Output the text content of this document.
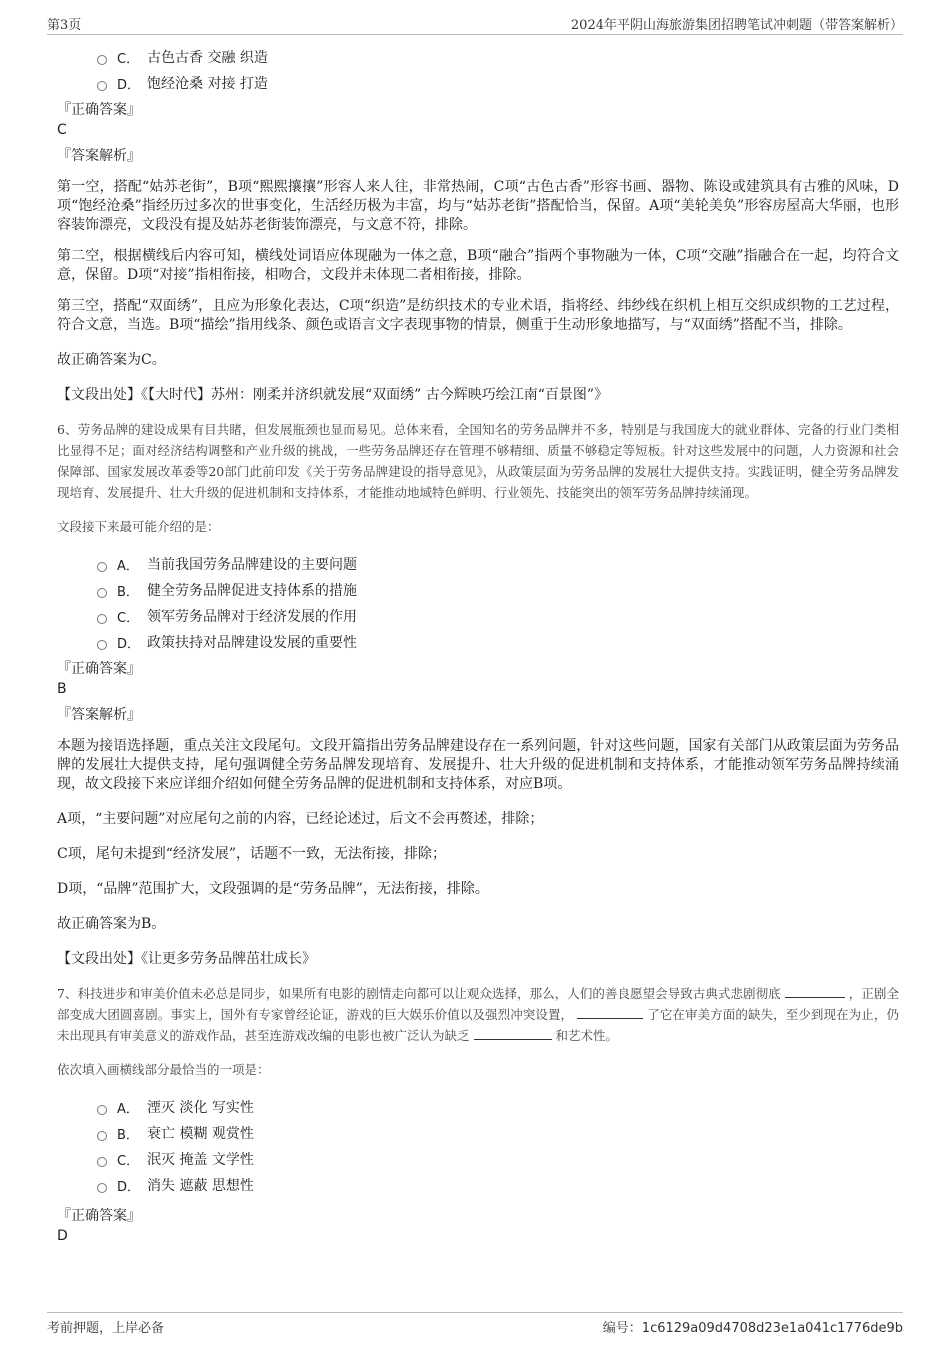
第3页	2024年平阴山海旅游集团招聘笔试冲刺题（带答案解析）
C． 古色古香 交融 织造
D． 饱经沧桑 对接 打造
『正确答案』
C
『答案解析』
第一空，搭配“姑苏老街”，B项“熙熙攘攘”形容人来人往，非常热闹，C项“古色古香”形容书画、器物、陈设或建筑具有古雅的风味，D项“饱经沧桑”指经历过多次的世事变化，生活经历极为丰富，均与“姑苏老街”搭配恰当，保留。A项“美轮美奂”形容房屋高大华丽，也形容装饰漂亮，文段没有提及姑苏老街装饰漂亮，与文意不符，排除。
第二空，根据横线后内容可知，横线处词语应体现融为一体之意，B项“融合”指两个事物融为一体，C项“交融”指融合在一起，均符合文意，保留。D项“对接”指相衔接，相吻合，文段并未体现二者相衔接，排除。
第三空，搭配“双面绣”，且应为形象化表达，C项“织造”是纺织技术的专业术语，指将经、纬纱线在织机上相互交织成织物的工艺过程，符合文意，当选。B项“描绘”指用线条、颜色或语言文字表现事物的情景，侧重于生动形象地描写，与“双面绣”搭配不当，排除。
故正确答案为C。
【文段出处】《【大时代】苏州：刚柔并济织就发展“双面绣” 古今辉映巧绘江南“百景图”》
6、劳务品牌的建设成果有目共睹，但发展瓶颈也显而易见。总体来看，全国知名的劳务品牌并不多，特别是与我国庞大的就业群体、完备的行业门类相比显得不足；面对经济结构调整和产业升级的挑战，一些劳务品牌还存在管理不够精细、质量不够稳定等短板。针对这些发展中的问题，人力资源和社会保障部、国家发展改革委等20部门此前印发《关于劳务品牌建设的指导意见》，从政策层面为劳务品牌的发展壮大提供支持。实践证明，健全劳务品牌发现培育、发展提升、壮大升级的促进机制和支持体系，才能推动地域特色鲜明、行业领先、技能突出的领军劳务品牌持续涌现。
文段接下来最可能介绍的是：
A． 当前我国劳务品牌建设的主要问题
B． 健全劳务品牌促进支持体系的措施
C． 领军劳务品牌对于经济发展的作用
D． 政策扶持对品牌建设发展的重要性
『正确答案』
B
『答案解析』
本题为接语选择题，重点关注文段尾句。文段开篇指出劳务品牌建设存在一系列问题，针对这些问题，国家有关部门从政策层面为劳务品牌的发展壮大提供支持，尾句强调健全劳务品牌发现培育、发展提升、壮大升级的促进机制和支持体系，才能推动领军劳务品牌持续涌现，故文段接下来应详细介绍如何健全劳务品牌的促进机制和支持体系，对应B项。
A项，“主要问题”对应尾句之前的内容，已经论述过，后文不会再赘述，排除；
C项，尾句未提到“经济发展”，话题不一致，无法衔接，排除；
D项，“品牌”范围扩大，文段强调的是“劳务品牌”，无法衔接，排除。
故正确答案为B。
【文段出处】《让更多劳务品牌茁壮成长》
7、科技进步和审美价值未必总是同步，如果所有电影的剧情走向都可以让观众选择，那么，人们的善良愿望会导致古典式悲剧彻底	，正剧全部变成大团圆喜剧。事实上，国外有专家曾经论证，游戏的巨大娱乐价值以及强烈冲突设置，	了它在审美方面的缺失，至少到现在为止，仍未出现具有审美意义的游戏作品，甚至连游戏改编的电影也被广泛认为缺乏	和艺术性。
依次填入画横线部分最恰当的一项是：
A． 湮灭 淡化 写实性
B． 衰亡 模糊 观赏性
C． 泯灭 掩盖 文学性
D． 消失 遮蔽 思想性
『正确答案』
D
考前押题，上岸必备	编号：1c6129a09d4708d23e1a041c1776de9b
